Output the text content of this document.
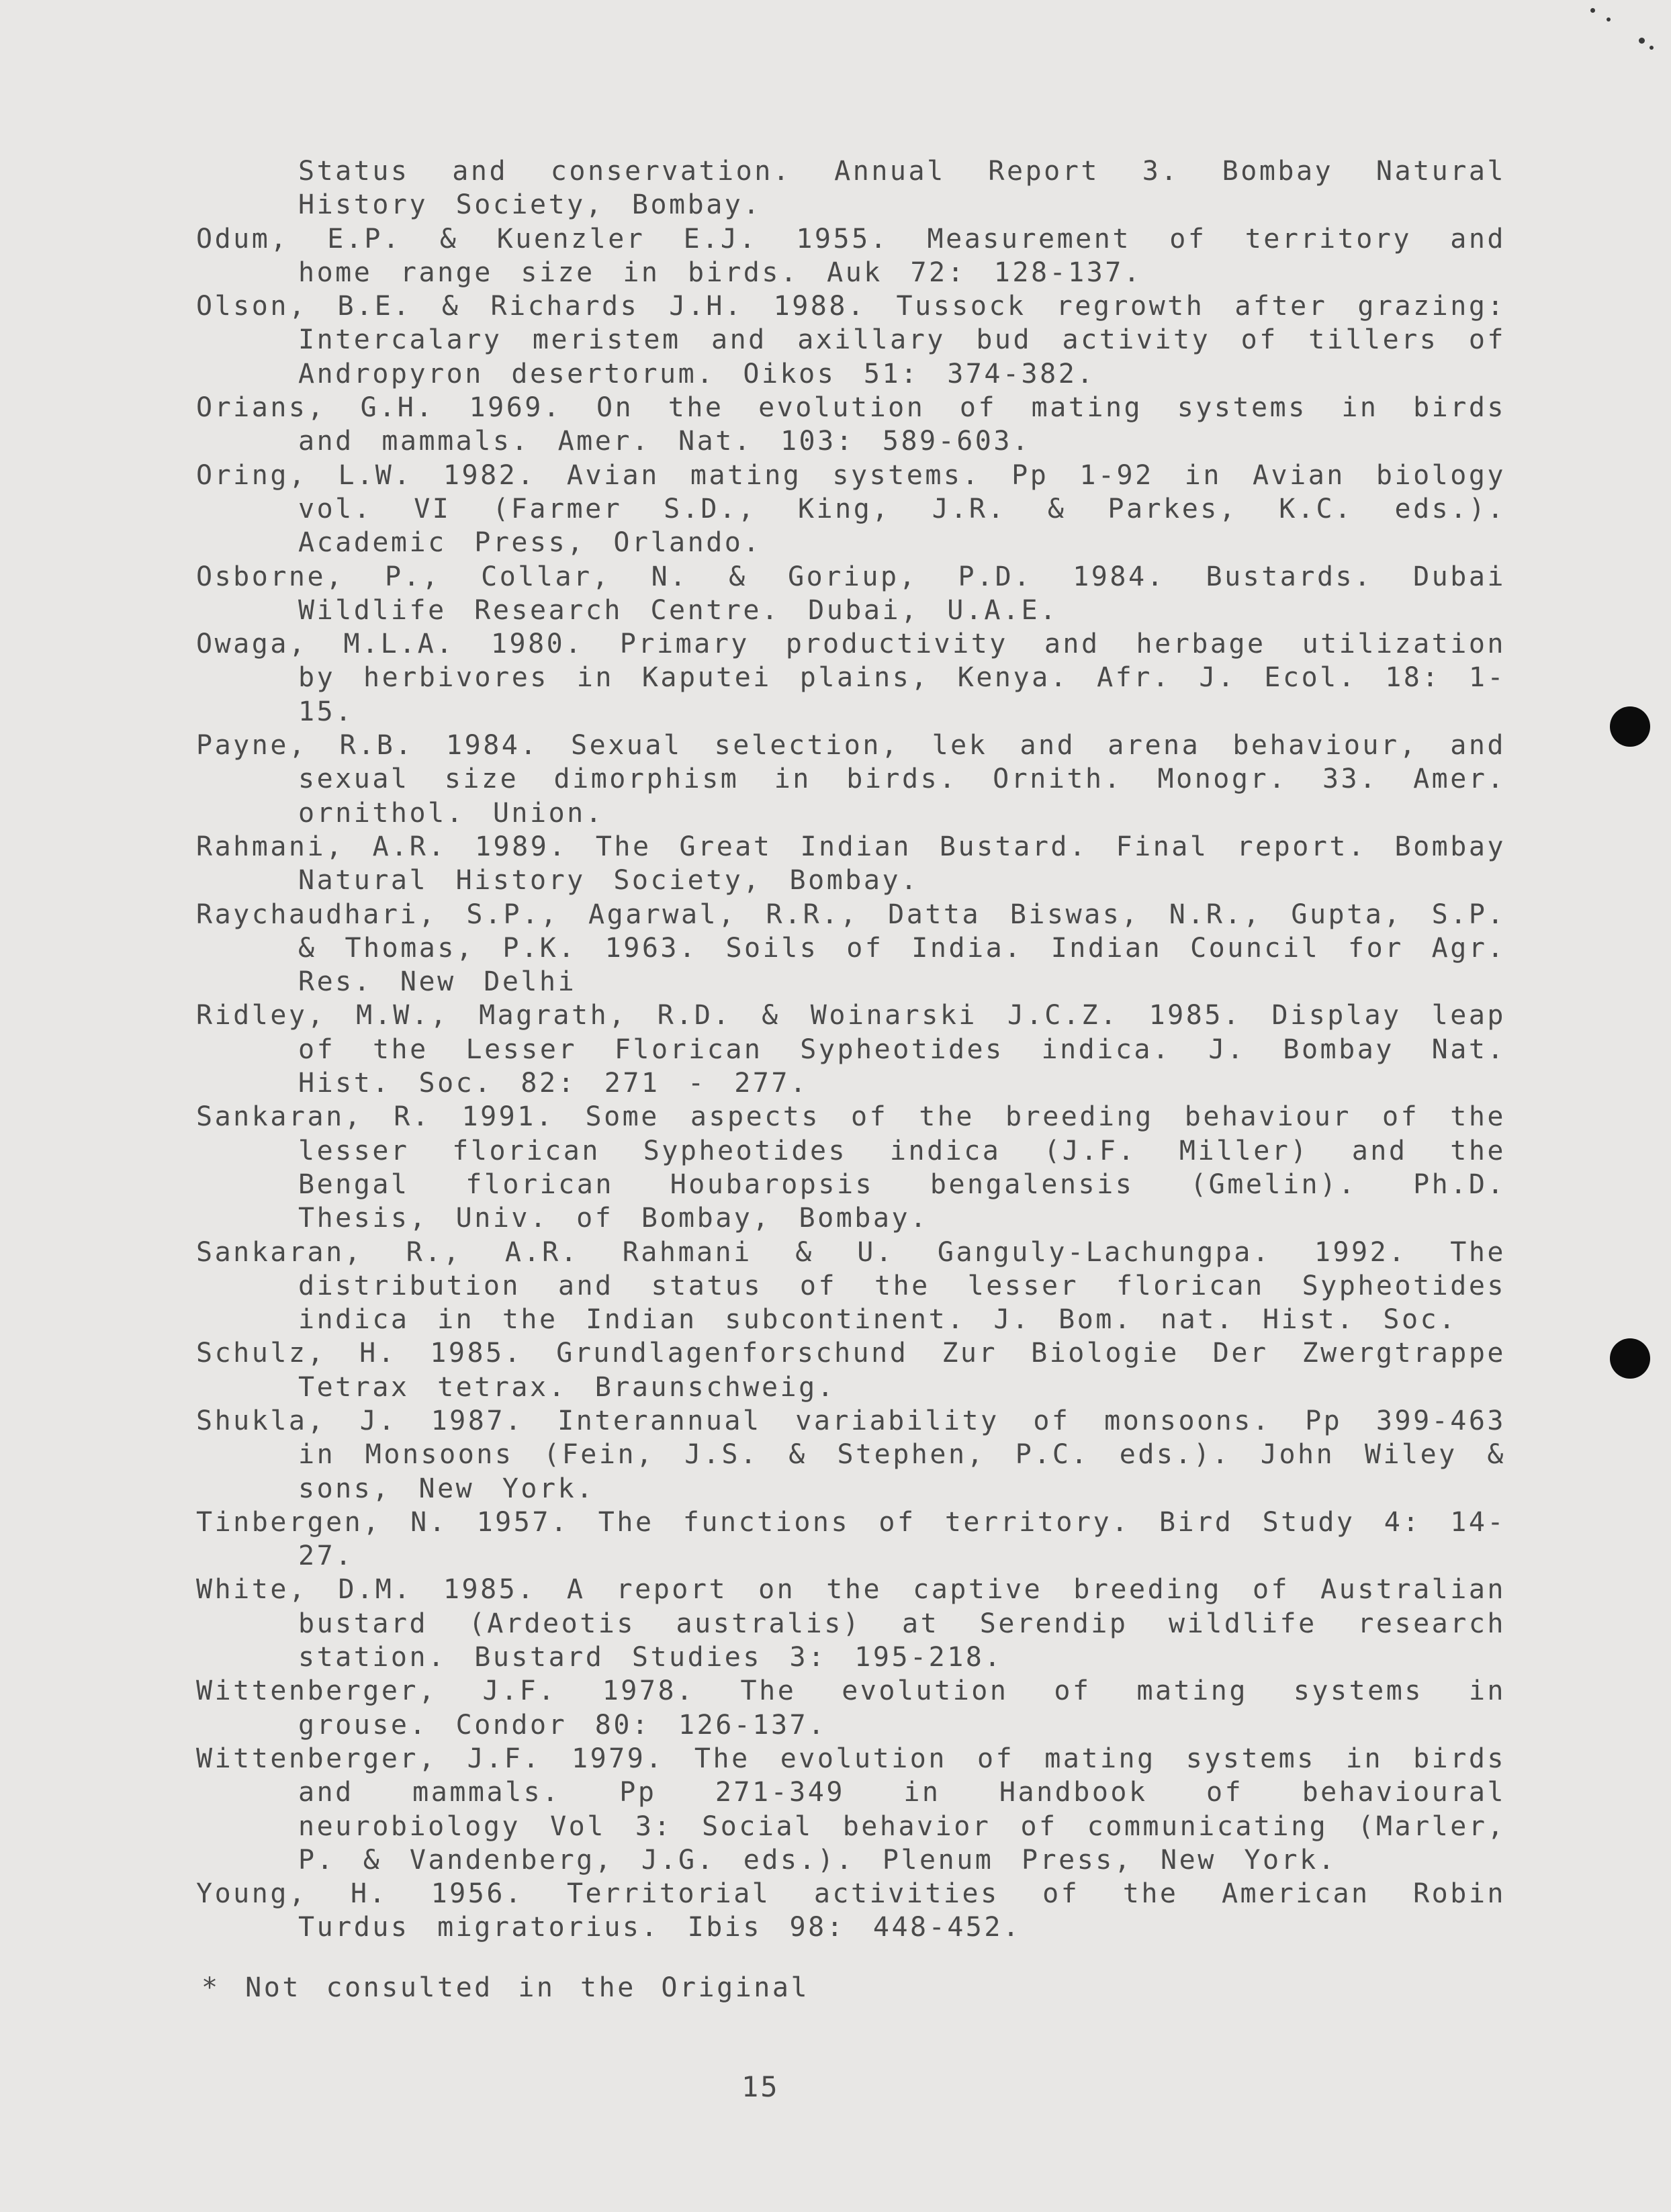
Status and conservation. Annual Report 3. Bombay Natural History Society, Bombay.

Odum, E.P. & Kuenzler E.J. 1955. Measurement of territory and home range size in birds. Auk 72: 128-137.

Olson, B.E. & Richards J.H. 1988. Tussock regrowth after grazing: Intercalary meristem and axillary bud activity of tillers of Andropyron desertorum. Oikos 51: 374-382.

Orians, G.H. 1969. On the evolution of mating systems in birds and mammals. Amer. Nat. 103: 589-603.

Oring, L.W. 1982. Avian mating systems. Pp 1-92 in Avian biology vol. VI (Farmer S.D., King, J.R. & Parkes, K.C. eds.). Academic Press, Orlando.

Osborne, P., Collar, N. & Goriup, P.D. 1984. Bustards. Dubai Wildlife Research Centre. Dubai, U.A.E.

Owaga, M.L.A. 1980. Primary productivity and herbage utilization by herbivores in Kaputei plains, Kenya. Afr. J. Ecol. 18: 1-15.

Payne, R.B. 1984. Sexual selection, lek and arena behaviour, and sexual size dimorphism in birds. Ornith. Monogr. 33. Amer. ornithol. Union.

Rahmani, A.R. 1989. The Great Indian Bustard. Final report. Bombay Natural History Society, Bombay.

Raychaudhari, S.P., Agarwal, R.R., Datta Biswas, N.R., Gupta, S.P. & Thomas, P.K. 1963. Soils of India. Indian Council for Agr. Res. New Delhi

Ridley, M.W., Magrath, R.D. & Woinarski J.C.Z. 1985. Display leap of the Lesser Florican Sypheotides indica. J. Bombay Nat. Hist. Soc. 82: 271 - 277.

Sankaran, R. 1991. Some aspects of the breeding behaviour of the lesser florican Sypheotides indica (J.F. Miller) and the Bengal florican Houbaropsis bengalensis (Gmelin). Ph.D. Thesis, Univ. of Bombay, Bombay.

Sankaran, R., A.R. Rahmani & U. Ganguly-Lachungpa. 1992. The distribution and status of the lesser florican Sypheotides indica in the Indian subcontinent. J. Bom. nat. Hist. Soc.

Schulz, H. 1985. Grundlagenforschund Zur Biologie Der Zwergtrappe Tetrax tetrax. Braunschweig.

Shukla, J. 1987. Interannual variability of monsoons. Pp 399-463 in Monsoons (Fein, J.S. & Stephen, P.C. eds.). John Wiley & sons, New York.

Tinbergen, N. 1957. The functions of territory. Bird Study 4: 14-27.

White, D.M. 1985. A report on the captive breeding of Australian bustard (Ardeotis australis) at Serendip wildlife research station. Bustard Studies 3: 195-218.

Wittenberger, J.F. 1978. The evolution of mating systems in grouse. Condor 80: 126-137.

Wittenberger, J.F. 1979. The evolution of mating systems in birds and mammals. Pp 271-349 in Handbook of behavioural neurobiology Vol 3: Social behavior of communicating (Marler, P. & Vandenberg, J.G. eds.). Plenum Press, New York.

Young, H. 1956. Territorial activities of the American Robin Turdus migratorius. Ibis 98: 448-452.

* Not consulted in the Original
15
